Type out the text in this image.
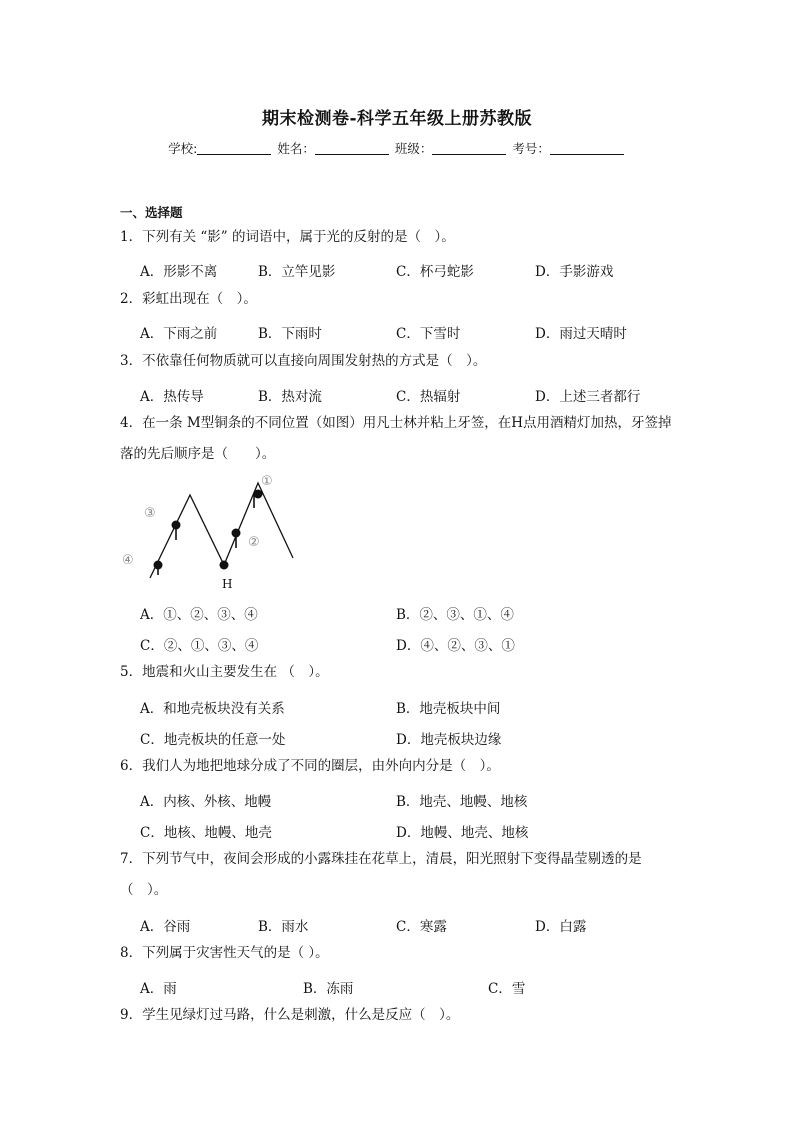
期末检测卷-科学五年级上册苏教版
学校:	姓名：	班级：	考号：
一、选择题
1．下列有关 “影” 的词语中，属于光的反射的是（　）。
A．形影不离	B．立竿见影	C．杯弓蛇影	D．手影游戏
2．彩虹出现在（　）。
A．下雨之前	B．下雨时	C．下雪时	D．雨过天晴时
3．不依靠任何物质就可以直接向周围发射热的方式是（　）。
A．热传导	B．热对流	C．热辐射	D．上述三者都行
4．在一条 M型铜条的不同位置（如图）用凡士林并粘上牙签，在H点用酒精灯加热，牙签掉落的先后顺序是（　　）。
①
②
③
④
H
A．①、②、③、④	B．②、③、①、④
C．②、①、③、④	D．④、②、③、①
5．地震和火山主要发生在 （　）。
A．和地壳板块没有关系	B．地壳板块中间
C．地壳板块的任意一处	D．地壳板块边缘
6．我们人为地把地球分成了不同的圈层，由外向内分是（　）。
A．内核、外核、地幔	B．地壳、地幔、地核
C．地核、地幔、地壳	D．地幔、地壳、地核
7．下列节气中，夜间会形成的小露珠挂在花草上，清晨，阳光照射下变得晶莹剔透的是（　）。
A．谷雨	B．雨水	C．寒露	D．白露
8．下列属于灾害性天气的是（ ）。
A．雨	B．冻雨	C．雪
9．学生见绿灯过马路，什么是刺激，什么是反应（　）。
